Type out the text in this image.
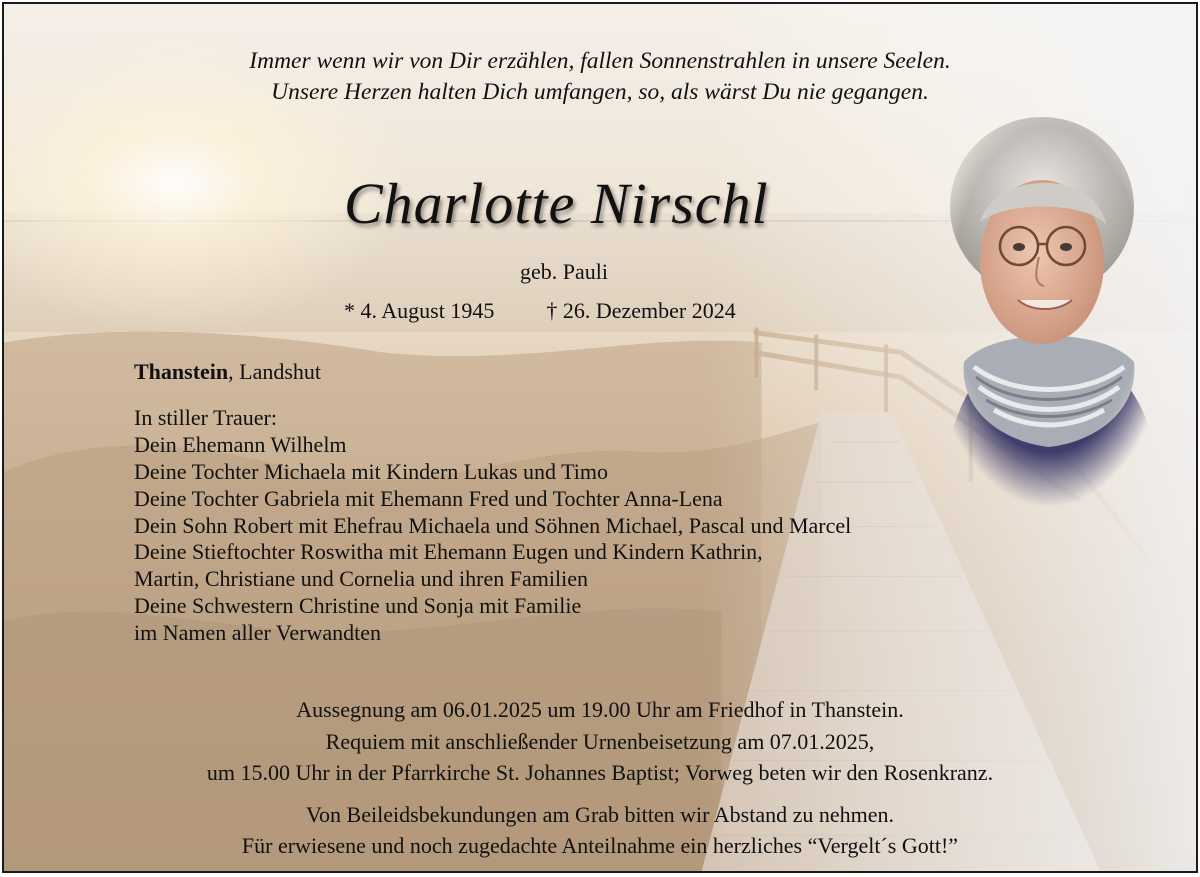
Immer wenn wir von Dir erzählen, fallen Sonnenstrahlen in unsere Seelen.
Unsere Herzen halten Dich umfangen, so, als wärst Du nie gegangen.
Charlotte Nirschl
geb. Pauli
* 4. August 1945 † 26. Dezember 2024
Thanstein, Landshut
In stiller Trauer:
Dein Ehemann Wilhelm
Deine Tochter Michaela mit Kindern Lukas und Timo
Deine Tochter Gabriela mit Ehemann Fred und Tochter Anna-Lena
Dein Sohn Robert mit Ehefrau Michaela und Söhnen Michael, Pascal und Marcel
Deine Stieftochter Roswitha mit Ehemann Eugen und Kindern Kathrin,
Martin, Christiane und Cornelia und ihren Familien
Deine Schwestern Christine und Sonja mit Familie
im Namen aller Verwandten
Aussegnung am 06.01.2025 um 19.00 Uhr am Friedhof in Thanstein.
Requiem mit anschließender Urnenbeisetzung am 07.01.2025,
um 15.00 Uhr in der Pfarrkirche St. Johannes Baptist; Vorweg beten wir den Rosenkranz.
Von Beileidsbekundungen am Grab bitten wir Abstand zu nehmen.
Für erwiesene und noch zugedachte Anteilnahme ein herzliches “Vergelt´s Gott!”
